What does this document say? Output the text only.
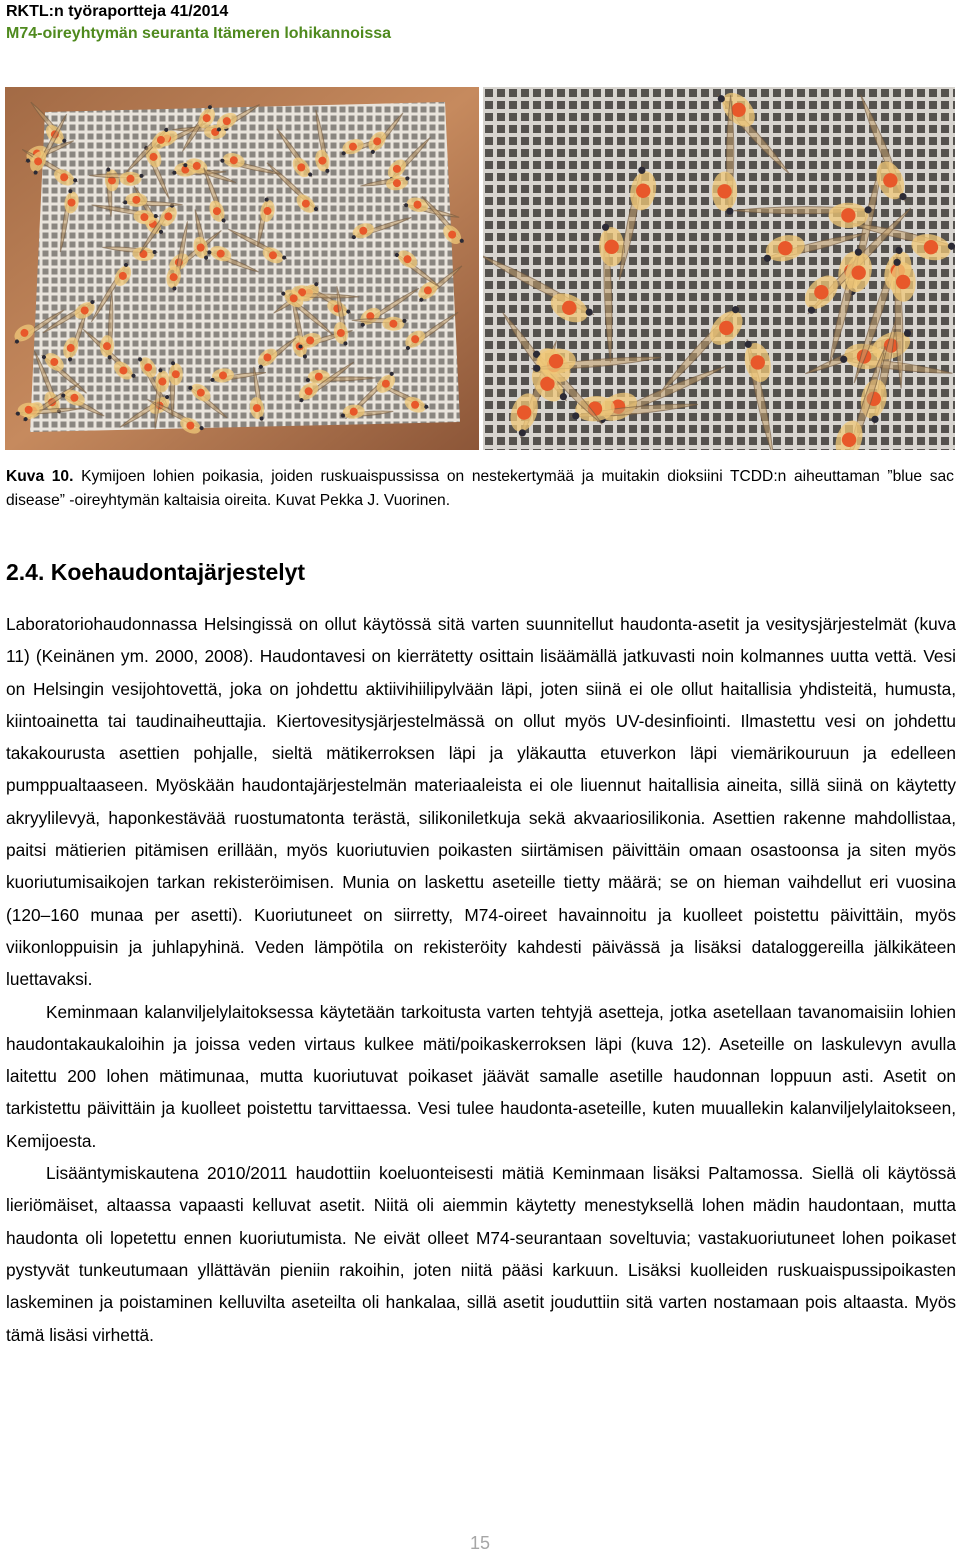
RKTL:n työraportteja 41/2014
M74-oireyhtymän seuranta Itämeren lohikannoissa
Kuva 10. Kymijoen lohien poikasia, joiden ruskuaispussissa on nestekertymää ja muitakin dioksiini TCDD:n aiheuttaman ”blue sac disease” -oireyhtymän kaltaisia oireita. Kuvat Pekka J. Vuorinen.
2.4. Koehaudontajärjestelyt

Laboratoriohaudonnassa Helsingissä on ollut käytössä sitä varten suunnitellut haudonta-asetit ja vesitysjärjestelmät (kuva 11) (Keinänen ym. 2000, 2008). Haudontavesi on kierrätetty osittain lisäämällä jatkuvasti noin kolmannes uutta vettä. Vesi on Helsingin vesijohtovettä, joka on johdettu aktiivihiilipylvään läpi, joten siinä ei ole ollut haitallisia yhdisteitä, humusta, kiintoainetta tai taudinaiheuttajia. Kiertovesitysjärjestelmässä on ollut myös UV-desinfiointi. Ilmastettu vesi on johdettu takakourusta asettien pohjalle, sieltä mätikerroksen läpi ja yläkautta etuverkon läpi viemärikouruun ja edelleen pumppualtaaseen. Myöskään haudontajärjestelmän materiaaleista ei ole liuennut haitallisia aineita, sillä siinä on käytetty akryylilevyä, haponkestävää ruostumatonta terästä, silikoniletkuja sekä akvaariosilikonia. Asettien rakenne mahdollistaa, paitsi mätierien pitämisen erillään, myös kuoriutuvien poikasten siirtämisen päivittäin omaan osastoonsa ja siten myös kuoriutumisaikojen tarkan rekisteröimisen. Munia on laskettu aseteille tietty määrä; se on hieman vaihdellut eri vuosina (120–160 munaa per asetti). Kuoriutuneet on siirretty, M74-oireet havainnoitu ja kuolleet poistettu päivittäin, myös viikonloppuisin ja juhlapyhinä. Veden lämpötila on rekisteröity kahdesti päivässä ja lisäksi dataloggereilla jälkikäteen luettavaksi.

Keminmaan kalanviljelylaitoksessa käytetään tarkoitusta varten tehtyjä asetteja, jotka asetellaan tavanomaisiin lohien haudontakaukaloihin ja joissa veden virtaus kulkee mäti/poikaskerroksen läpi (kuva 12). Aseteille on laskulevyn avulla laitettu 200 lohen mätimunaa, mutta kuoriutuvat poikaset jäävät samalle asetille haudonnan loppuun asti. Asetit on tarkistettu päivittäin ja kuolleet poistettu tarvittaessa. Vesi tulee haudonta-aseteille, kuten muuallekin kalanviljelylaitokseen, Kemijoesta.

Lisääntymiskautena 2010/2011 haudottiin koeluonteisesti mätiä Keminmaan lisäksi Paltamossa. Siellä oli käytössä lieriömäiset, altaassa vapaasti kelluvat asetit. Niitä oli aiemmin käytetty menestyksellä lohen mädin haudontaan, mutta haudonta oli lopetettu ennen kuoriutumista. Ne eivät olleet M74-seurantaan soveltuvia; vastakuoriutuneet lohen poikaset pystyvät tunkeutumaan yllättävän pieniin rakoihin, joten niitä pääsi karkuun. Lisäksi kuolleiden ruskuaispussipoikasten laskeminen ja poistaminen kelluvilta aseteilta oli hankalaa, sillä asetit jouduttiin sitä varten nostamaan pois altaasta. Myös tämä lisäsi virhettä.

15
